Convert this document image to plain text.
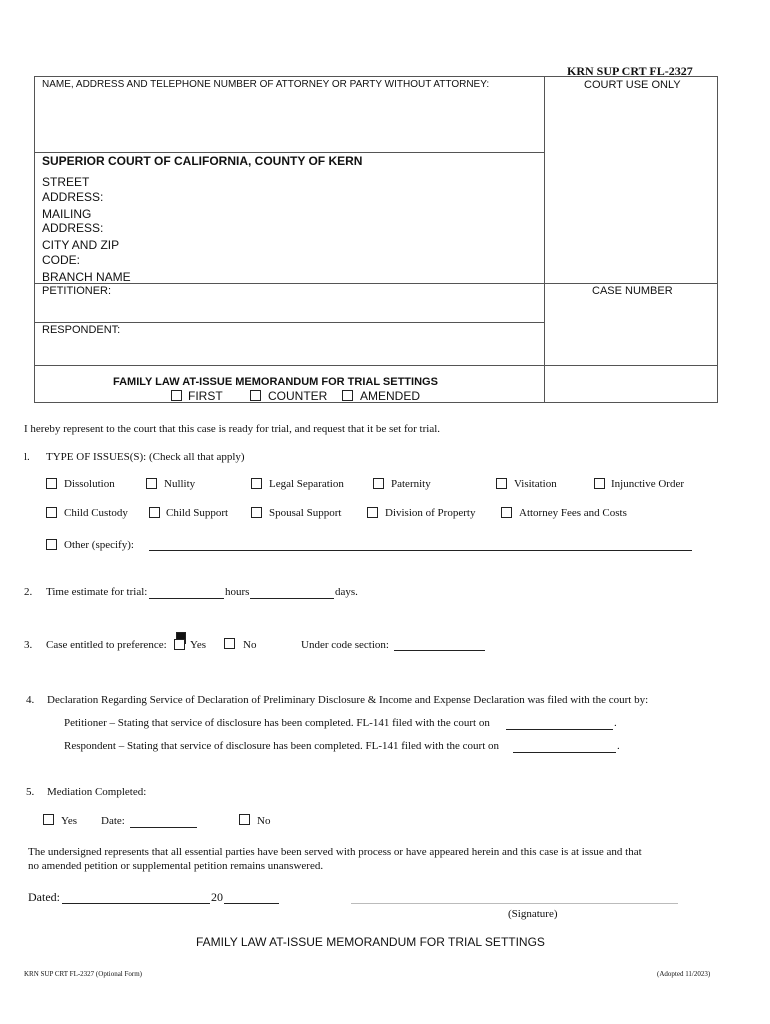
KRN SUP CRT FL-2327
NAME, ADDRESS AND TELEPHONE NUMBER OF ATTORNEY OR PARTY WITHOUT ATTORNEY:	COURT USE ONLY
SUPERIOR COURT OF CALIFORNIA, COUNTY OF KERN
STREET
ADDRESS:
MAILING
ADDRESS:
CITY AND ZIP
CODE:
BRANCH NAME
PETITIONER:	CASE NUMBER
RESPONDENT:
FAMILY LAW AT-ISSUE MEMORANDUM FOR TRIAL SETTINGS
FIRST	COUNTER	AMENDED
I hereby represent to the court that this case is ready for trial, and request that it be set for trial.
l. TYPE OF ISSUES(S): (Check all that apply)
Dissolution	Nullity	Legal Separation	Paternity	Visitation	Injunctive Order
Child Custody	Child Support	Spousal Support	Division of Property	Attorney Fees and Costs
Other (specify):
2. Time estimate for trial:	hours	days.
3. Case entitled to preference: Yes	No	Under code section:
4. Declaration Regarding Service of Declaration of Preliminary Disclosure & Income and Expense Declaration was filed with the court by:
Petitioner – Stating that service of disclosure has been completed. FL-141 filed with the court on	.
Respondent – Stating that service of disclosure has been completed. FL-141 filed with the court on	.
5. Mediation Completed:
Yes Date:	No
The undersigned represents that all essential parties have been served with process or have appeared herein and this case is at issue and that
no amended petition or supplemental petition remains unanswered.
Dated:	20
(Signature)
FAMILY LAW AT-ISSUE MEMORANDUM FOR TRIAL SETTINGS
KRN SUP CRT FL-2327 (Optional Form)	(Adopted 11/2023)
